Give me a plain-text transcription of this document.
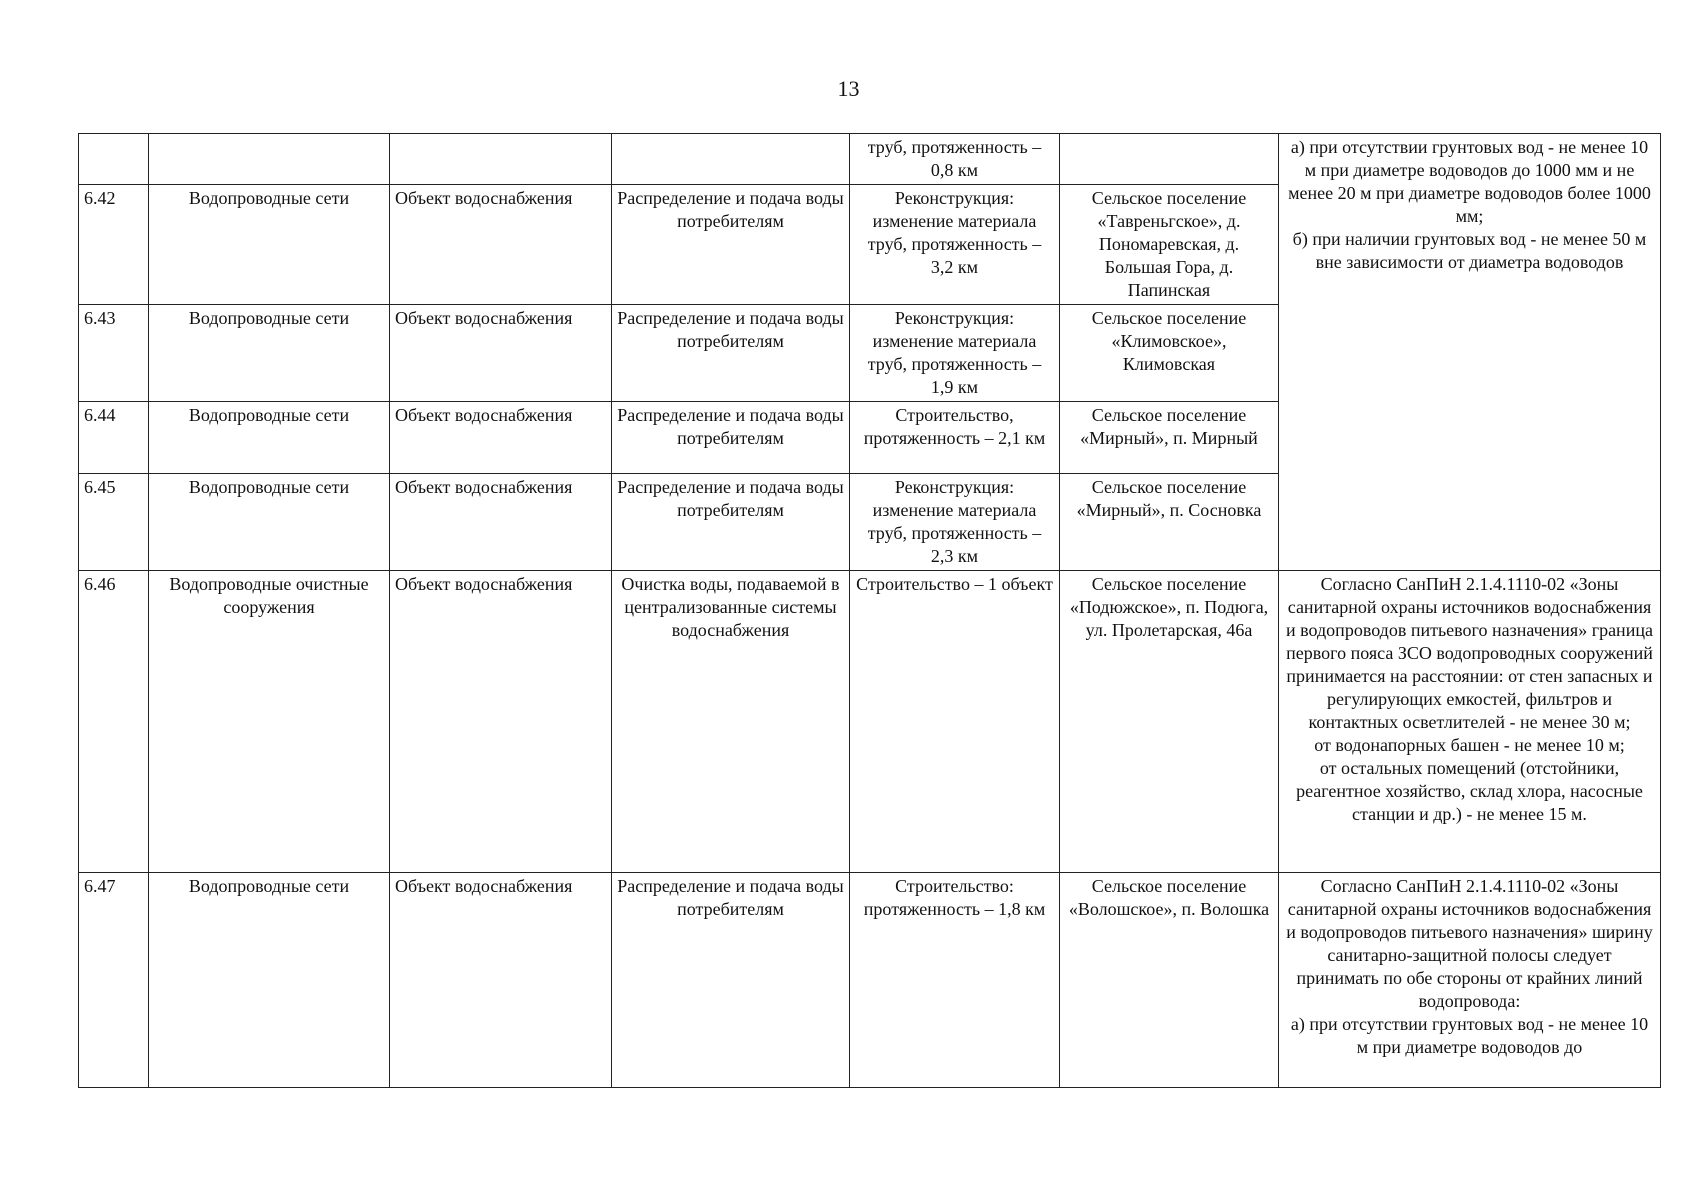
13
				труб, протяженность – 0,8 км		а) при отсутствии грунтовых вод - не менее 10 м при диаметре водоводов до 1000 мм и не менее 20 м при диаметре водоводов более 1000 мм;
б) при наличии грунтовых вод - не менее 50 м вне зависимости от диаметра водоводов
6.42	Водопроводные сети	Объект водоснабжения	Распределение и подача воды потребителям	Реконструкция: изменение материала труб, протяженность – 3,2 км	Сельское поселение «Тавреньгское», д. Пономаревская, д. Большая Гора, д. Папинская	
6.43	Водопроводные сети	Объект водоснабжения	Распределение и подача воды потребителям	Реконструкция: изменение материала труб, протяженность – 1,9 км	Сельское поселение «Климовское», Климовская	
6.44	Водопроводные сети	Объект водоснабжения	Распределение и подача воды потребителям	Строительство, протяженность – 2,1 км	Сельское поселение «Мирный», п. Мирный	
6.45	Водопроводные сети	Объект водоснабжения	Распределение и подача воды потребителям	Реконструкция: изменение материала труб, протяженность – 2,3 км	Сельское поселение «Мирный», п. Сосновка	
6.46	Водопроводные очистные сооружения	Объект водоснабжения	Очистка воды, подаваемой в централизованные системы водоснабжения	Строительство – 1 объект	Сельское поселение «Подюжское», п. Подюга, ул. Пролетарская, 46а	Согласно СанПиН 2.1.4.1110-02 «Зоны санитарной охраны источников водоснабжения и водопроводов питьевого назначения» граница первого пояса ЗСО водопроводных сооружений принимается на расстоянии: от стен запасных и регулирующих емкостей, фильтров и контактных осветлителей - не менее 30 м;
от водонапорных башен - не менее 10 м;
от остальных помещений (отстойники, реагентное хозяйство, склад хлора, насосные станции и др.) - не менее 15 м.
6.47	Водопроводные сети	Объект водоснабжения	Распределение и подача воды потребителям	Строительство: протяженность – 1,8 км	Сельское поселение «Волошское», п. Волошка	Согласно СанПиН 2.1.4.1110-02 «Зоны санитарной охраны источников водоснабжения и водопроводов питьевого назначения» ширину санитарно-защитной полосы следует принимать по обе стороны от крайних линий водопровода:
а) при отсутствии грунтовых вод - не менее 10 м при диаметре водоводов до
